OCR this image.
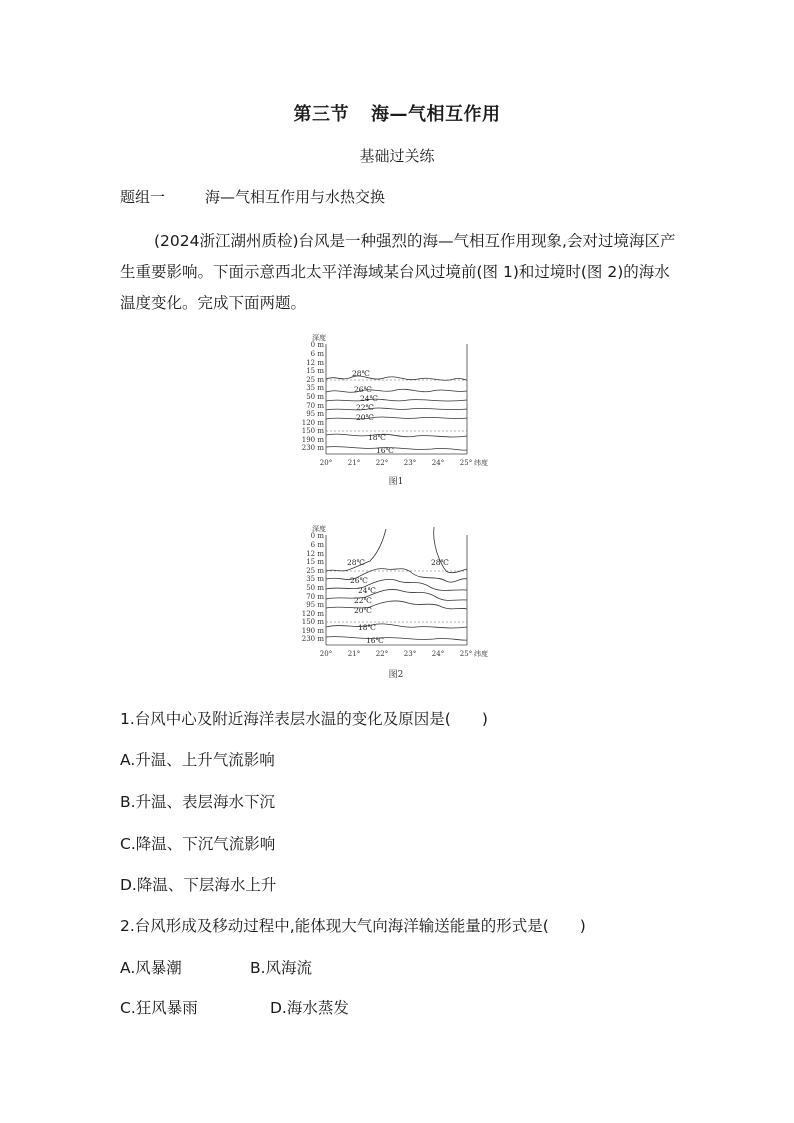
第三节 海—气相互作用
基础过关练
题组一	海—气相互作用与水热交换

(2024浙江湖州质检)台风是一种强烈的海—气相互作用现象,会对过境海区产生重要影响。下面示意西北太平洋海域某台风过境前(图 1)和过境时(图 2)的海水温度变化。完成下面两题。

深度
0 m
6 m
12 m
15 m
25 m
35 m
50 m
70 m
95 m
120 m
150 m
190 m
230 m
28℃
26℃
24℃
22℃
20℃
18℃
16℃
20° 21° 22° 23° 24° 25° 纬度
图1
深度
0 m
6 m
12 m
15 m
25 m
35 m
50 m
70 m
95 m
120 m
150 m
190 m
230 m
28℃	28℃
26℃
24℃
22℃
20℃
18℃
16℃
20° 21° 22° 23° 24° 25° 纬度
图2
1.台风中心及附近海洋表层水温的变化及原因是(　　)
A.升温、上升气流影响
B.升温、表层海水下沉
C.降温、下沉气流影响
D.降温、下层海水上升
2.台风形成及移动过程中,能体现大气向海洋输送能量的形式是(　　)
A.风暴潮	B.风海流
C.狂风暴雨	D.海水蒸发
